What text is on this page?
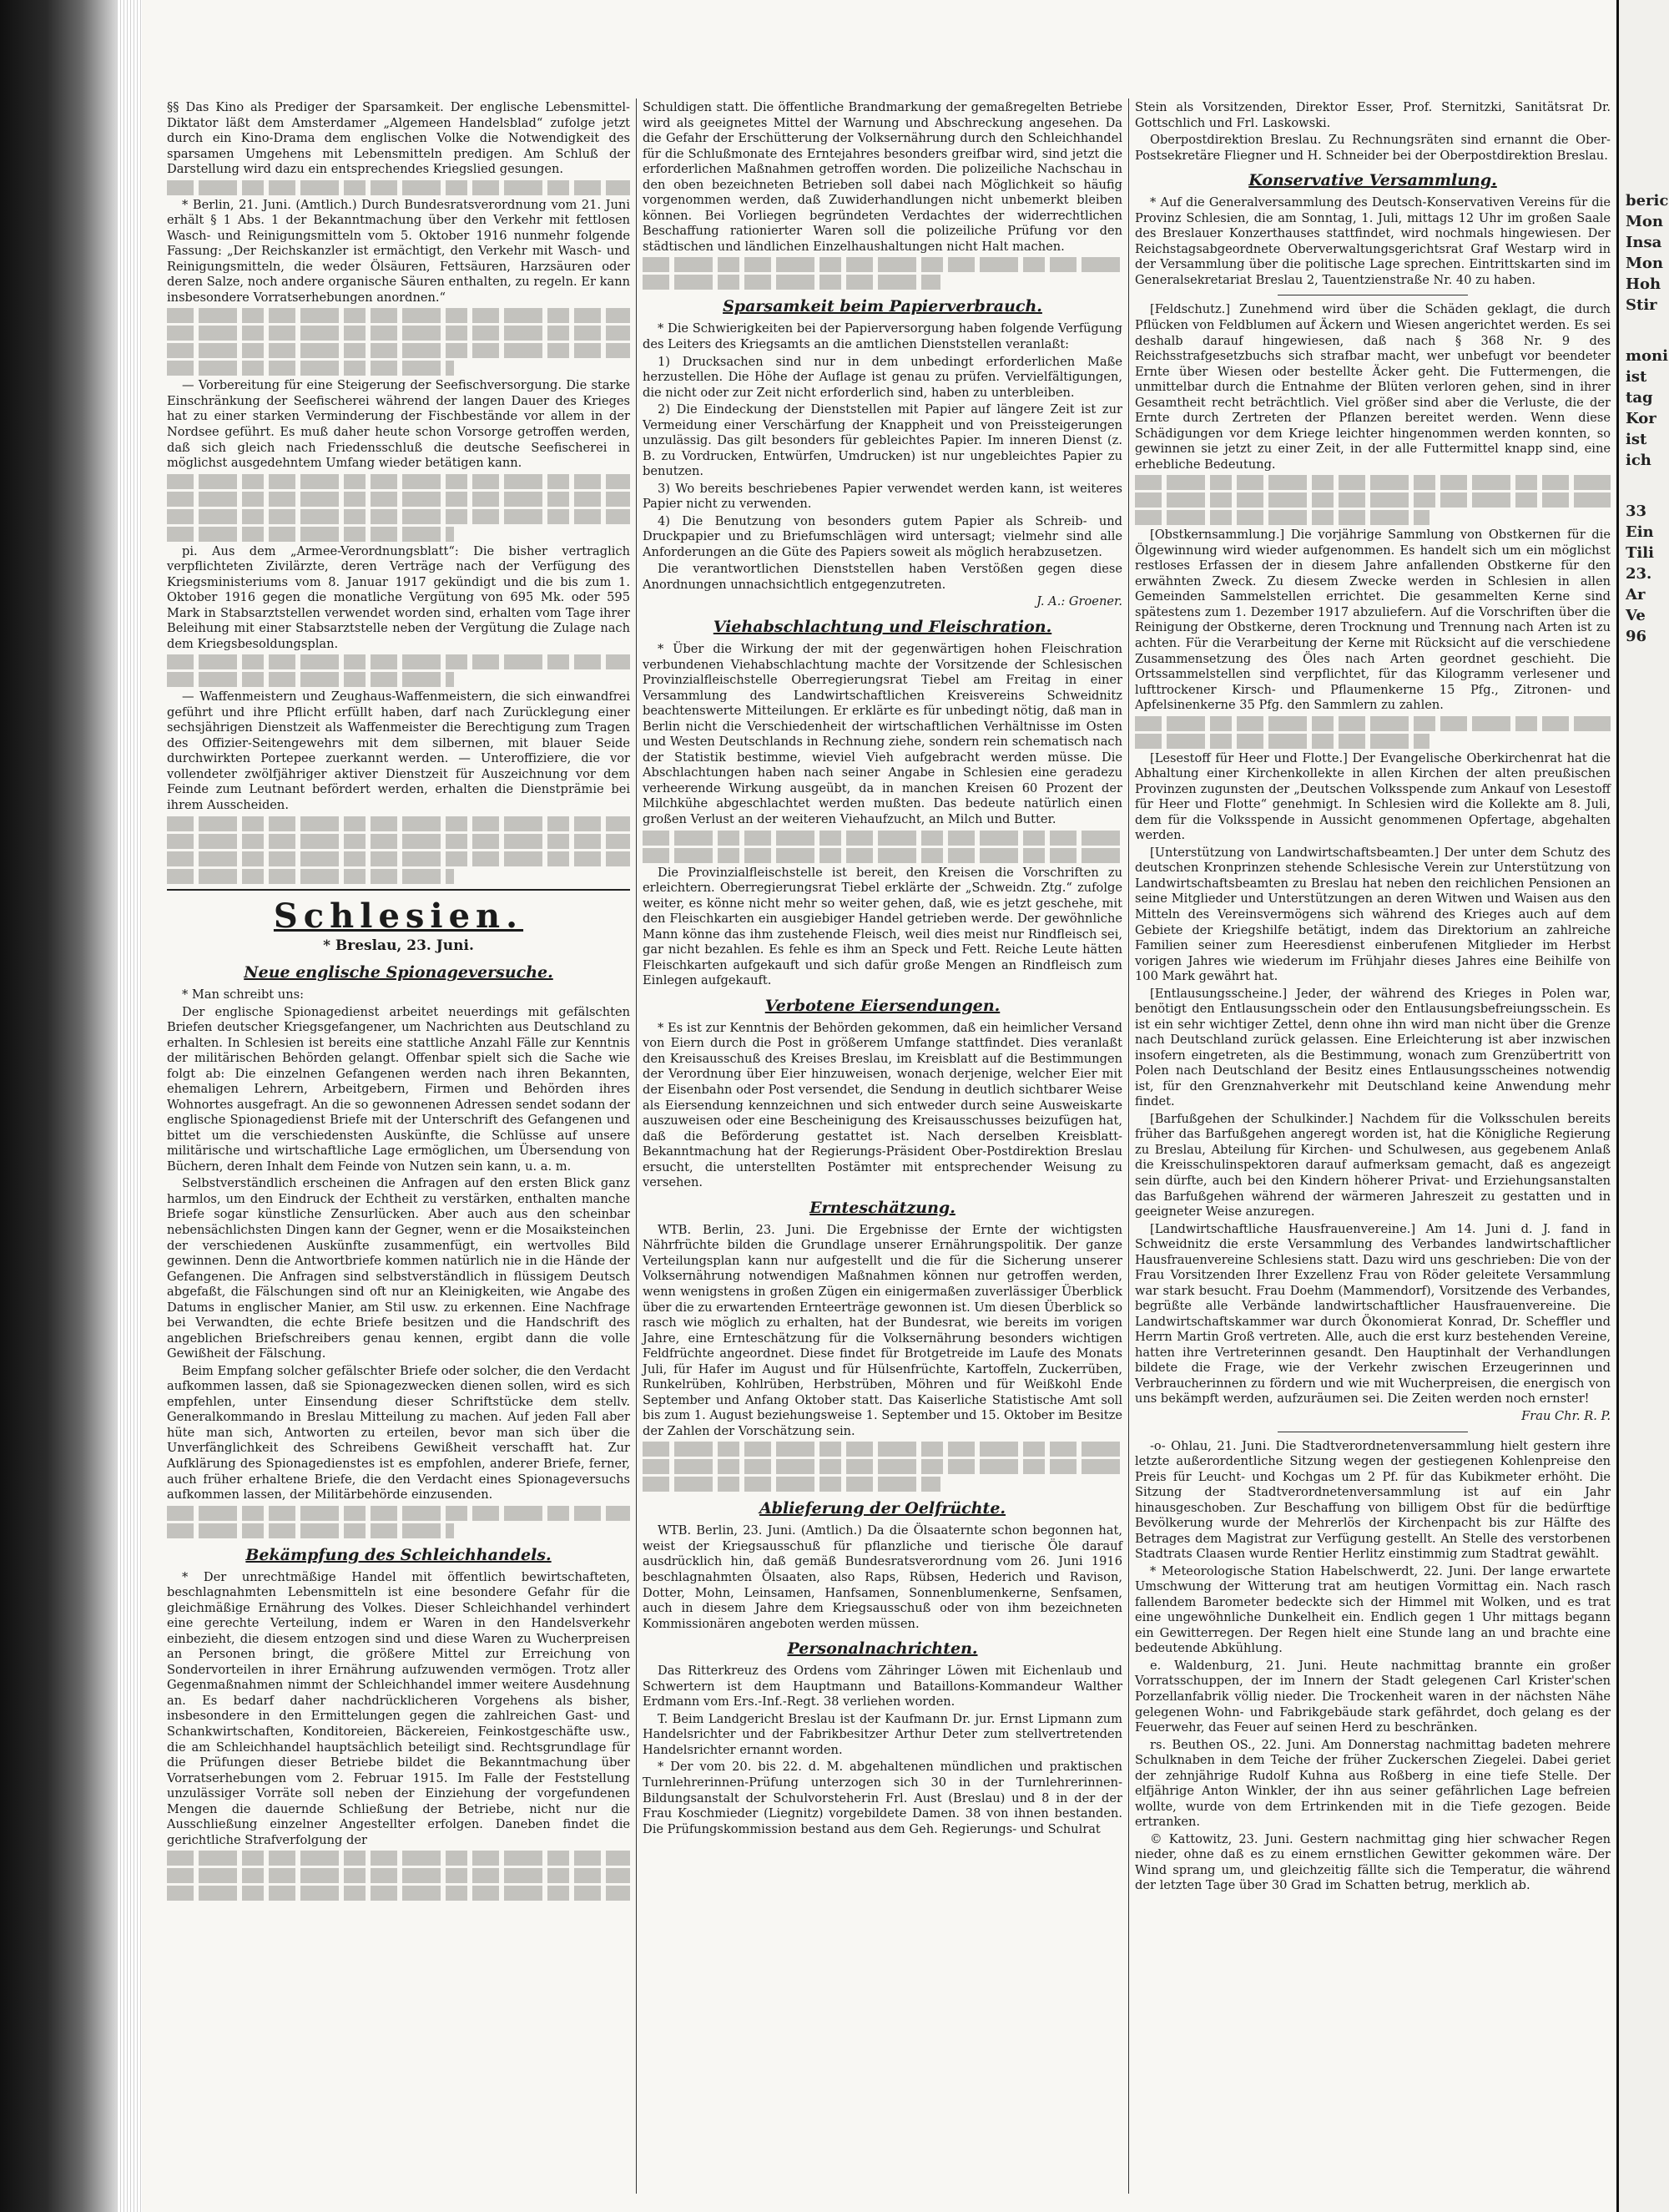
§§ Das Kino als Prediger der Sparsamkeit. Der englische Lebensmittel-Diktator läßt dem Amsterdamer „Algemeen Handelsblad“ zufolge jetzt durch ein Kino-Drama dem englischen Volke die Notwendigkeit des sparsamen Umgehens mit Lebensmitteln predigen. Am Schluß der Darstellung wird dazu ein entsprechendes Kriegslied gesungen.

* Berlin, 21. Juni. (Amtlich.) Durch Bundesratsverordnung vom 21. Juni erhält § 1 Abs. 1 der Bekanntmachung über den Verkehr mit fettlosen Wasch- und Reinigungsmitteln vom 5. Oktober 1916 nunmehr folgende Fassung: „Der Reichskanzler ist ermächtigt, den Verkehr mit Wasch- und Reinigungsmitteln, die weder Ölsäuren, Fettsäuren, Harzsäuren oder deren Salze, noch andere organische Säuren enthalten, zu regeln. Er kann insbesondere Vorratserhebungen anordnen.“

— Vorbereitung für eine Steigerung der Seefischversorgung. Die starke Einschränkung der Seefischerei während der langen Dauer des Krieges hat zu einer starken Verminderung der Fischbestände vor allem in der Nordsee geführt. Es muß daher heute schon Vorsorge getroffen werden, daß sich gleich nach Friedensschluß die deutsche Seefischerei in möglichst ausgedehntem Umfang wieder betätigen kann.

pi. Aus dem „Armee-Verordnungsblatt“: Die bisher vertraglich verpflichteten Zivilärzte, deren Verträge nach der Verfügung des Kriegsministeriums vom 8. Januar 1917 gekündigt und die bis zum 1. Oktober 1916 gegen die monatliche Vergütung von 695 Mk. oder 595 Mark in Stabsarztstellen verwendet worden sind, erhalten vom Tage ihrer Beleihung mit einer Stabsarztstelle neben der Vergütung die Zulage nach dem Kriegsbesoldungsplan.

— Waffenmeistern und Zeughaus-Waffenmeistern, die sich einwandfrei geführt und ihre Pflicht erfüllt haben, darf nach Zurücklegung einer sechsjährigen Dienstzeit als Waffenmeister die Berechtigung zum Tragen des Offizier-Seitengewehrs mit dem silbernen, mit blauer Seide durchwirkten Portepee zuerkannt werden. — Unteroffiziere, die vor vollendeter zwölfjähriger aktiver Dienstzeit für Auszeichnung vor dem Feinde zum Leutnant befördert werden, erhalten die Dienstprämie bei ihrem Ausscheiden.

Schlesien.
* Breslau, 23. Juni.
Neue englische Spionageversuche.

* Man schreibt uns:

Der englische Spionagedienst arbeitet neuerdings mit gefälschten Briefen deutscher Kriegsgefangener, um Nachrichten aus Deutschland zu erhalten. In Schlesien ist bereits eine stattliche Anzahl Fälle zur Kenntnis der militärischen Behörden gelangt. Offenbar spielt sich die Sache wie folgt ab: Die einzelnen Gefangenen werden nach ihren Bekannten, ehemaligen Lehrern, Arbeitgebern, Firmen und Behörden ihres Wohnortes ausgefragt. An die so gewonnenen Adressen sendet sodann der englische Spionagedienst Briefe mit der Unterschrift des Gefangenen und bittet um die verschiedensten Auskünfte, die Schlüsse auf unsere militärische und wirtschaftliche Lage ermöglichen, um Übersendung von Büchern, deren Inhalt dem Feinde von Nutzen sein kann, u. a. m.

Selbstverständlich erscheinen die Anfragen auf den ersten Blick ganz harmlos, um den Eindruck der Echtheit zu verstärken, enthalten manche Briefe sogar künstliche Zensurlücken. Aber auch aus den scheinbar nebensächlichsten Dingen kann der Gegner, wenn er die Mosaiksteinchen der verschiedenen Auskünfte zusammenfügt, ein wertvolles Bild gewinnen. Denn die Antwortbriefe kommen natürlich nie in die Hände der Gefangenen. Die Anfragen sind selbstverständlich in flüssigem Deutsch abgefaßt, die Fälschungen sind oft nur an Kleinigkeiten, wie Angabe des Datums in englischer Manier, am Stil usw. zu erkennen. Eine Nachfrage bei Verwandten, die echte Briefe besitzen und die Handschrift des angeblichen Briefschreibers genau kennen, ergibt dann die volle Gewißheit der Fälschung.

Beim Empfang solcher gefälschter Briefe oder solcher, die den Verdacht aufkommen lassen, daß sie Spionagezwecken dienen sollen, wird es sich empfehlen, unter Einsendung dieser Schriftstücke dem stellv. Generalkommando in Breslau Mitteilung zu machen. Auf jeden Fall aber hüte man sich, Antworten zu erteilen, bevor man sich über die Unverfänglichkeit des Schreibens Gewißheit verschafft hat. Zur Aufklärung des Spionagedienstes ist es empfohlen, anderer Briefe, ferner, auch früher erhaltene Briefe, die den Verdacht eines Spionageversuchs aufkommen lassen, der Militärbehörde einzusenden.

Bekämpfung des Schleichhandels.

* Der unrechtmäßige Handel mit öffentlich bewirtschafteten, beschlagnahmten Lebensmitteln ist eine besondere Gefahr für die gleichmäßige Ernährung des Volkes. Dieser Schleichhandel verhindert eine gerechte Verteilung, indem er Waren in den Handelsverkehr einbezieht, die diesem entzogen sind und diese Waren zu Wucherpreisen an Personen bringt, die größere Mittel zur Erreichung von Sondervorteilen in ihrer Ernährung aufzuwenden vermögen. Trotz aller Gegenmaßnahmen nimmt der Schleichhandel immer weitere Ausdehnung an. Es bedarf daher nachdrücklicheren Vorgehens als bisher, insbesondere in den Ermittelungen gegen die zahlreichen Gast- und Schankwirtschaften, Konditoreien, Bäckereien, Feinkostgeschäfte usw., die am Schleichhandel hauptsächlich beteiligt sind. Rechtsgrundlage für die Prüfungen dieser Betriebe bildet die Bekanntmachung über Vorratserhebungen vom 2. Februar 1915. Im Falle der Feststellung unzulässiger Vorräte soll neben der Einziehung der vorgefundenen Mengen die dauernde Schließung der Betriebe, nicht nur die Ausschließung einzelner Angestellter erfolgen. Daneben findet die gerichtliche Strafverfolgung der

Schuldigen statt. Die öffentliche Brandmarkung der gemaßregelten Betriebe wird als geeignetes Mittel der Warnung und Abschreckung angesehen. Da die Gefahr der Erschütterung der Volksernährung durch den Schleichhandel für die Schlußmonate des Erntejahres besonders greifbar wird, sind jetzt die erforderlichen Maßnahmen getroffen worden. Die polizeiliche Nachschau in den oben bezeichneten Betrieben soll dabei nach Möglichkeit so häufig vorgenommen werden, daß Zuwiderhandlungen nicht unbemerkt bleiben können. Bei Vorliegen begründeten Verdachtes der widerrechtlichen Beschaffung rationierter Waren soll die polizeiliche Prüfung vor den städtischen und ländlichen Einzelhaushaltungen nicht Halt machen.

Sparsamkeit beim Papierverbrauch.

* Die Schwierigkeiten bei der Papierversorgung haben folgende Verfügung des Leiters des Kriegsamts an die amtlichen Dienststellen veranlaßt:

1) Drucksachen sind nur in dem unbedingt erforderlichen Maße herzustellen. Die Höhe der Auflage ist genau zu prüfen. Vervielfältigungen, die nicht oder zur Zeit nicht erforderlich sind, haben zu unterbleiben.

2) Die Eindeckung der Dienststellen mit Papier auf längere Zeit ist zur Vermeidung einer Verschärfung der Knappheit und von Preissteigerungen unzulässig. Das gilt besonders für gebleichtes Papier. Im inneren Dienst (z. B. zu Vordrucken, Entwürfen, Umdrucken) ist nur ungebleichtes Papier zu benutzen.

3) Wo bereits beschriebenes Papier verwendet werden kann, ist weiteres Papier nicht zu verwenden.

4) Die Benutzung von besonders gutem Papier als Schreib- und Druckpapier und zu Briefumschlägen wird untersagt; vielmehr sind alle Anforderungen an die Güte des Papiers soweit als möglich herabzusetzen.

Die verantwortlichen Dienststellen haben Verstößen gegen diese Anordnungen unnachsichtlich entgegenzutreten.

J. A.: Groener.

Viehabschlachtung und Fleischration.

* Über die Wirkung der mit der gegenwärtigen hohen Fleischration verbundenen Viehabschlachtung machte der Vorsitzende der Schlesischen Provinzialfleischstelle Oberregierungsrat Tiebel am Freitag in einer Versammlung des Landwirtschaftlichen Kreisvereins Schweidnitz beachtenswerte Mitteilungen. Er erklärte es für unbedingt nötig, daß man in Berlin nicht die Verschiedenheit der wirtschaftlichen Verhältnisse im Osten und Westen Deutschlands in Rechnung ziehe, sondern rein schematisch nach der Statistik bestimme, wieviel Vieh aufgebracht werden müsse. Die Abschlachtungen haben nach seiner Angabe in Schlesien eine geradezu verheerende Wirkung ausgeübt, da in manchen Kreisen 60 Prozent der Milchkühe abgeschlachtet werden mußten. Das bedeute natürlich einen großen Verlust an der weiteren Viehaufzucht, an Milch und Butter.

Die Provinzialfleischstelle ist bereit, den Kreisen die Vorschriften zu erleichtern. Oberregierungsrat Tiebel erklärte der „Schweidn. Ztg.“ zufolge weiter, es könne nicht mehr so weiter gehen, daß, wie es jetzt geschehe, mit den Fleischkarten ein ausgiebiger Handel getrieben werde. Der gewöhnliche Mann könne das ihm zustehende Fleisch, weil dies meist nur Rindfleisch sei, gar nicht bezahlen. Es fehle es ihm an Speck und Fett. Reiche Leute hätten Fleischkarten aufgekauft und sich dafür große Mengen an Rindfleisch zum Einlegen aufgekauft.

Verbotene Eiersendungen.

* Es ist zur Kenntnis der Behörden gekommen, daß ein heimlicher Versand von Eiern durch die Post in größerem Umfange stattfindet. Dies veranlaßt den Kreisausschuß des Kreises Breslau, im Kreisblatt auf die Bestimmungen der Verordnung über Eier hinzuweisen, wonach derjenige, welcher Eier mit der Eisenbahn oder Post versendet, die Sendung in deutlich sichtbarer Weise als Eiersendung kennzeichnen und sich entweder durch seine Ausweiskarte auszuweisen oder eine Bescheinigung des Kreisausschusses beizufügen hat, daß die Beförderung gestattet ist. Nach derselben Kreisblatt-Bekanntmachung hat der Regierungs-Präsident Ober-Postdirektion Breslau ersucht, die unterstellten Postämter mit entsprechender Weisung zu versehen.

Ernteschätzung.

WTB. Berlin, 23. Juni. Die Ergebnisse der Ernte der wichtigsten Nährfrüchte bilden die Grundlage unserer Ernährungspolitik. Der ganze Verteilungsplan kann nur aufgestellt und die für die Sicherung unserer Volksernährung notwendigen Maßnahmen können nur getroffen werden, wenn wenigstens in großen Zügen ein einigermaßen zuverlässiger Überblick über die zu erwartenden Ernteerträge gewonnen ist. Um diesen Überblick so rasch wie möglich zu erhalten, hat der Bundesrat, wie bereits im vorigen Jahre, eine Ernteschätzung für die Volksernährung besonders wichtigen Feldfrüchte angeordnet. Diese findet für Brotgetreide im Laufe des Monats Juli, für Hafer im August und für Hülsenfrüchte, Kartoffeln, Zuckerrüben, Runkelrüben, Kohlrüben, Herbstrüben, Möhren und für Weißkohl Ende September und Anfang Oktober statt. Das Kaiserliche Statistische Amt soll bis zum 1. August beziehungsweise 1. September und 15. Oktober im Besitze der Zahlen der Vorschätzung sein.

Ablieferung der Oelfrüchte.

WTB. Berlin, 23. Juni. (Amtlich.) Da die Ölsaaternte schon begonnen hat, weist der Kriegsausschuß für pflanzliche und tierische Öle darauf ausdrücklich hin, daß gemäß Bundesratsverordnung vom 26. Juni 1916 beschlagnahmten Ölsaaten, also Raps, Rübsen, Hederich und Ravison, Dotter, Mohn, Leinsamen, Hanfsamen, Sonnenblumenkerne, Senfsamen, auch in diesem Jahre dem Kriegsausschuß oder von ihm bezeichneten Kommissionären angeboten werden müssen.

Personalnachrichten.

Das Ritterkreuz des Ordens vom Zähringer Löwen mit Eichenlaub und Schwertern ist dem Hauptmann und Bataillons-Kommandeur Walther Erdmann vom Ers.-Inf.-Regt. 38 verliehen worden.

T. Beim Landgericht Breslau ist der Kaufmann Dr. jur. Ernst Lipmann zum Handelsrichter und der Fabrikbesitzer Arthur Deter zum stellvertretenden Handelsrichter ernannt worden.

* Der vom 20. bis 22. d. M. abgehaltenen mündlichen und praktischen Turnlehrerinnen-Prüfung unterzogen sich 30 in der Turnlehrerinnen-Bildungsanstalt der Schulvorsteherin Frl. Aust (Breslau) und 8 in der der Frau Koschmieder (Liegnitz) vorgebildete Damen. 38 von ihnen bestanden. Die Prüfungskommission bestand aus dem Geh. Regierungs- und Schulrat

Stein als Vorsitzenden, Direktor Esser, Prof. Sternitzki, Sanitätsrat Dr. Gottschlich und Frl. Laskowski.

Oberpostdirektion Breslau. Zu Rechnungsräten sind ernannt die Ober-Postsekretäre Fliegner und H. Schneider bei der Oberpostdirektion Breslau.

Konservative Versammlung.

* Auf die Generalversammlung des Deutsch-Konservativen Vereins für die Provinz Schlesien, die am Sonntag, 1. Juli, mittags 12 Uhr im großen Saale des Breslauer Konzerthauses stattfindet, wird nochmals hingewiesen. Der Reichstagsabgeordnete Oberverwaltungsgerichtsrat Graf Westarp wird in der Versammlung über die politische Lage sprechen. Eintrittskarten sind im Generalsekretariat Breslau 2, Tauentzienstraße Nr. 40 zu haben.

[Feldschutz.] Zunehmend wird über die Schäden geklagt, die durch Pflücken von Feldblumen auf Äckern und Wiesen angerichtet werden. Es sei deshalb darauf hingewiesen, daß nach § 368 Nr. 9 des Reichsstrafgesetzbuchs sich strafbar macht, wer unbefugt vor beendeter Ernte über Wiesen oder bestellte Äcker geht. Die Futtermengen, die unmittelbar durch die Entnahme der Blüten verloren gehen, sind in ihrer Gesamtheit recht beträchtlich. Viel größer sind aber die Verluste, die der Ernte durch Zertreten der Pflanzen bereitet werden. Wenn diese Schädigungen vor dem Kriege leichter hingenommen werden konnten, so gewinnen sie jetzt zu einer Zeit, in der alle Futtermittel knapp sind, eine erhebliche Bedeutung.

[Obstkernsammlung.] Die vorjährige Sammlung von Obstkernen für die Ölgewinnung wird wieder aufgenommen. Es handelt sich um ein möglichst restloses Erfassen der in diesem Jahre anfallenden Obstkerne für den erwähnten Zweck. Zu diesem Zwecke werden in Schlesien in allen Gemeinden Sammelstellen errichtet. Die gesammelten Kerne sind spätestens zum 1. Dezember 1917 abzuliefern. Auf die Vorschriften über die Reinigung der Obstkerne, deren Trocknung und Trennung nach Arten ist zu achten. Für die Verarbeitung der Kerne mit Rücksicht auf die verschiedene Zusammensetzung des Öles nach Arten geordnet geschieht. Die Ortssammelstellen sind verpflichtet, für das Kilogramm verlesener und lufttrockener Kirsch- und Pflaumenkerne 15 Pfg., Zitronen- und Apfelsinenkerne 35 Pfg. den Sammlern zu zahlen.

[Lesestoff für Heer und Flotte.] Der Evangelische Oberkirchenrat hat die Abhaltung einer Kirchenkollekte in allen Kirchen der alten preußischen Provinzen zugunsten der „Deutschen Volksspende zum Ankauf von Lesestoff für Heer und Flotte“ genehmigt. In Schlesien wird die Kollekte am 8. Juli, dem für die Volksspende in Aussicht genommenen Opfertage, abgehalten werden.

[Unterstützung von Landwirtschaftsbeamten.] Der unter dem Schutz des deutschen Kronprinzen stehende Schlesische Verein zur Unterstützung von Landwirtschaftsbeamten zu Breslau hat neben den reichlichen Pensionen an seine Mitglieder und Unterstützungen an deren Witwen und Waisen aus den Mitteln des Vereinsvermögens sich während des Krieges auch auf dem Gebiete der Kriegshilfe betätigt, indem das Direktorium an zahlreiche Familien seiner zum Heeresdienst einberufenen Mitglieder im Herbst vorigen Jahres wie wiederum im Frühjahr dieses Jahres eine Beihilfe von 100 Mark gewährt hat.

[Entlausungsscheine.] Jeder, der während des Krieges in Polen war, benötigt den Entlausungsschein oder den Entlausungsbefreiungsschein. Es ist ein sehr wichtiger Zettel, denn ohne ihn wird man nicht über die Grenze nach Deutschland zurück gelassen. Eine Erleichterung ist aber inzwischen insofern eingetreten, als die Bestimmung, wonach zum Grenzübertritt von Polen nach Deutschland der Besitz eines Entlausungsscheines notwendig ist, für den Grenznahverkehr mit Deutschland keine Anwendung mehr findet.

[Barfußgehen der Schulkinder.] Nachdem für die Volksschulen bereits früher das Barfußgehen angeregt worden ist, hat die Königliche Regierung zu Breslau, Abteilung für Kirchen- und Schulwesen, aus gegebenem Anlaß die Kreisschulinspektoren darauf aufmerksam gemacht, daß es angezeigt sein dürfte, auch bei den Kindern höherer Privat- und Erziehungsanstalten das Barfußgehen während der wärmeren Jahreszeit zu gestatten und in geeigneter Weise anzuregen.

[Landwirtschaftliche Hausfrauenvereine.] Am 14. Juni d. J. fand in Schweidnitz die erste Versammlung des Verbandes landwirtschaftlicher Hausfrauenvereine Schlesiens statt. Dazu wird uns geschrieben: Die von der Frau Vorsitzenden Ihrer Exzellenz Frau von Röder geleitete Versammlung war stark besucht. Frau Doehm (Mammendorf), Vorsitzende des Verbandes, begrüßte alle Verbände landwirtschaftlicher Hausfrauenvereine. Die Landwirtschaftskammer war durch Ökonomierat Konrad, Dr. Scheffler und Herrn Martin Groß vertreten. Alle, auch die erst kurz bestehenden Vereine, hatten ihre Vertreterinnen gesandt. Den Hauptinhalt der Verhandlungen bildete die Frage, wie der Verkehr zwischen Erzeugerinnen und Verbraucherinnen zu fördern und wie mit Wucherpreisen, die energisch von uns bekämpft werden, aufzuräumen sei. Die Zeiten werden noch ernster!

Frau Chr. R. P.

-o- Ohlau, 21. Juni. Die Stadtverordnetenversammlung hielt gestern ihre letzte außerordentliche Sitzung wegen der gestiegenen Kohlenpreise den Preis für Leucht- und Kochgas um 2 Pf. für das Kubikmeter erhöht. Die Sitzung der Stadtverordnetenversammlung ist auf ein Jahr hinausgeschoben. Zur Beschaffung von billigem Obst für die bedürftige Bevölkerung wurde der Mehrerlös der Kirchenpacht bis zur Hälfte des Betrages dem Magistrat zur Verfügung gestellt. An Stelle des verstorbenen Stadtrats Claasen wurde Rentier Herlitz einstimmig zum Stadtrat gewählt.

* Meteorologische Station Habelschwerdt, 22. Juni. Der lange erwartete Umschwung der Witterung trat am heutigen Vormittag ein. Nach rasch fallendem Barometer bedeckte sich der Himmel mit Wolken, und es trat eine ungewöhnliche Dunkelheit ein. Endlich gegen 1 Uhr mittags begann ein Gewitterregen. Der Regen hielt eine Stunde lang an und brachte eine bedeutende Abkühlung.

e. Waldenburg, 21. Juni. Heute nachmittag brannte ein großer Vorratsschuppen, der im Innern der Stadt gelegenen Carl Krister'schen Porzellanfabrik völlig nieder. Die Trockenheit waren in der nächsten Nähe gelegenen Wohn- und Fabrikgebäude stark gefährdet, doch gelang es der Feuerwehr, das Feuer auf seinen Herd zu beschränken.

rs. Beuthen OS., 22. Juni. Am Donnerstag nachmittag badeten mehrere Schulknaben in dem Teiche der früher Zuckerschen Ziegelei. Dabei geriet der zehnjährige Rudolf Kuhna aus Roßberg in eine tiefe Stelle. Der elfjährige Anton Winkler, der ihn aus seiner gefährlichen Lage befreien wollte, wurde von dem Ertrinkenden mit in die Tiefe gezogen. Beide ertranken.

© Kattowitz, 23. Juni. Gestern nachmittag ging hier schwacher Regen nieder, ohne daß es zu einem ernstlichen Gewitter gekommen wäre. Der Wind sprang um, und gleichzeitig fällte sich die Temperatur, die während der letzten Tage über 30 Grad im Schatten betrug, merklich ab.

beric
Mon
Insa
Mon
Hoh
Stir
moni
ist
tag
Kor
ist
ich
33
Ein
Tili
23.
Ar
Ve
96
